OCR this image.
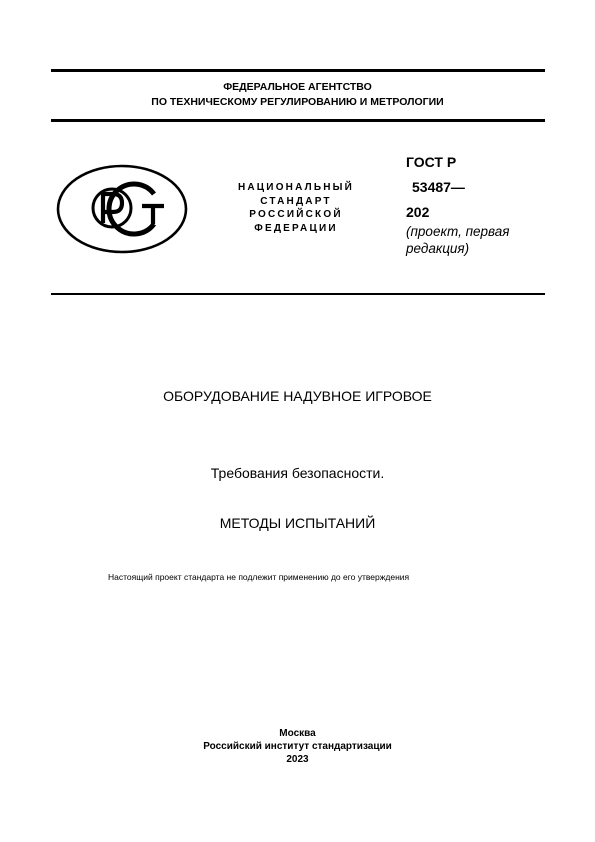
ФЕДЕРАЛЬНОЕ АГЕНТСТВО
ПО ТЕХНИЧЕСКОМУ РЕГУЛИРОВАНИЮ И МЕТРОЛОГИИ
НАЦИОНАЛЬНЫЙ
СТАНДАРТ
РОССИЙСКОЙ
ФЕДЕРАЦИИ
ГОСТ Р
53487—
202
(проект, первая
редакция)
ОБОРУДОВАНИЕ НАДУВНОЕ ИГРОВОЕ
Требования безопасности.
МЕТОДЫ ИСПЫТАНИЙ
Настоящий проект стандарта не подлежит применению до его утверждения
Москва
Российский институт стандартизации
2023
